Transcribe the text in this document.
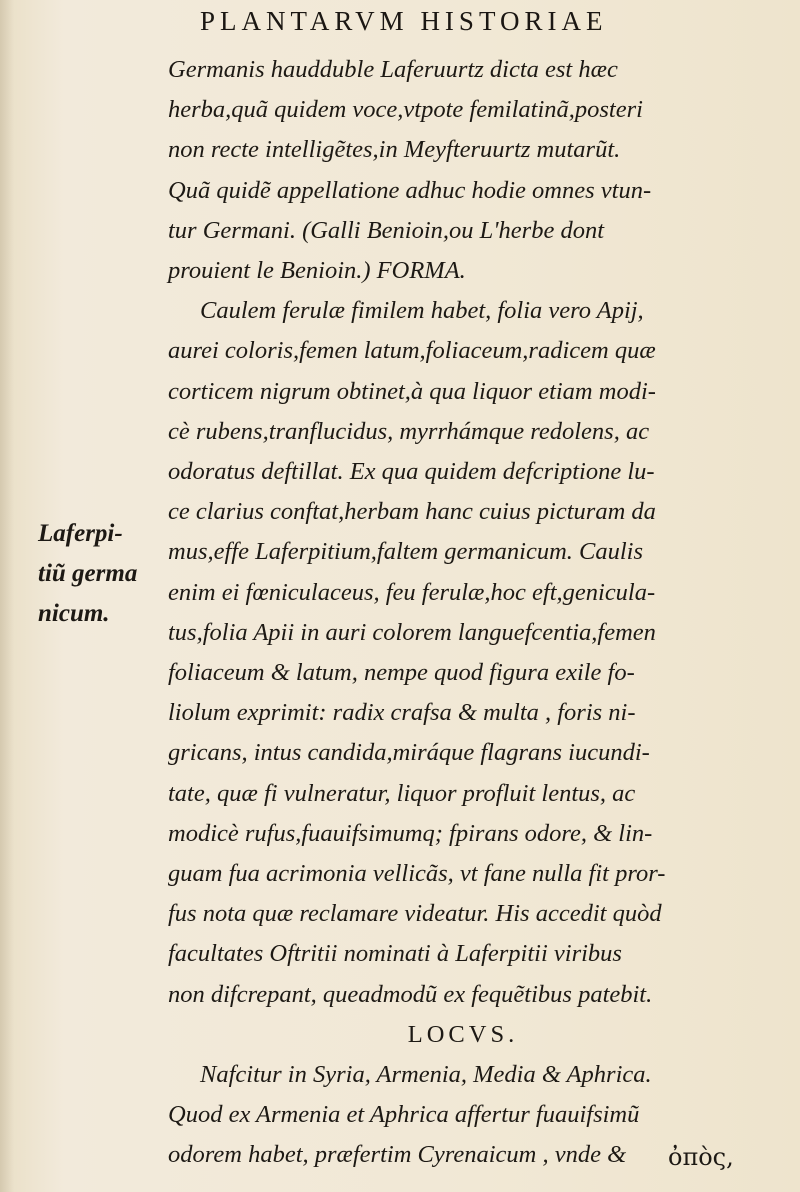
PLANTARVM HISTORIAE
Germanis haudduble Laferuurtz dicta est hæc
herba,quã quidem voce,vtpote femilatinã,posteri
non recte intelligẽtes,in Meyfteruurtz mutarũt.
Quã quidẽ appellatione adhuc hodie omnes vtun-
tur Germani. (Galli Benioin,ou L'herbe dont
prouient le Benioin.) FORMA.
Caulem ferulæ fimilem habet, folia vero Apij,
aurei coloris,femen latum,foliaceum,radicem quæ
corticem nigrum obtinet,à qua liquor etiam modi-
cè rubens,tranflucidus, myrrhámque redolens, ac
odoratus deftillat. Ex qua quidem defcriptione lu-
ce clarius conftat,herbam hanc cuius picturam da
mus,effe Laferpitium,faltem germanicum. Caulis
enim ei fœniculaceus, feu ferulæ,hoc eft,genicula-
tus,folia Apii in auri colorem languefcentia,femen
foliaceum & latum, nempe quod figura exile fo-
liolum exprimit: radix crafsa & multa , foris ni-
gricans, intus candida,miráque flagrans iucundi-
tate, quæ fi vulneratur, liquor profluit lentus, ac
modicè rufus,fuauifsimumq; fpirans odore, & lin-
guam fua acrimonia vellicãs, vt fane nulla fit pror-
fus nota quæ reclamare videatur. His accedit quòd
facultates Oftritii nominati à Laferpitii viribus
non difcrepant, queadmodũ ex fequẽtibus patebit.
LOCVS.
Nafcitur in Syria, Armenia, Media & Aphrica.
Quod ex Armenia et Aphrica affertur fuauifsimũ
odorem habet, præfertim Cyrenaicum , vnde &
Laferpi-
tiũ germa
nicum.
ὀπὸς,
